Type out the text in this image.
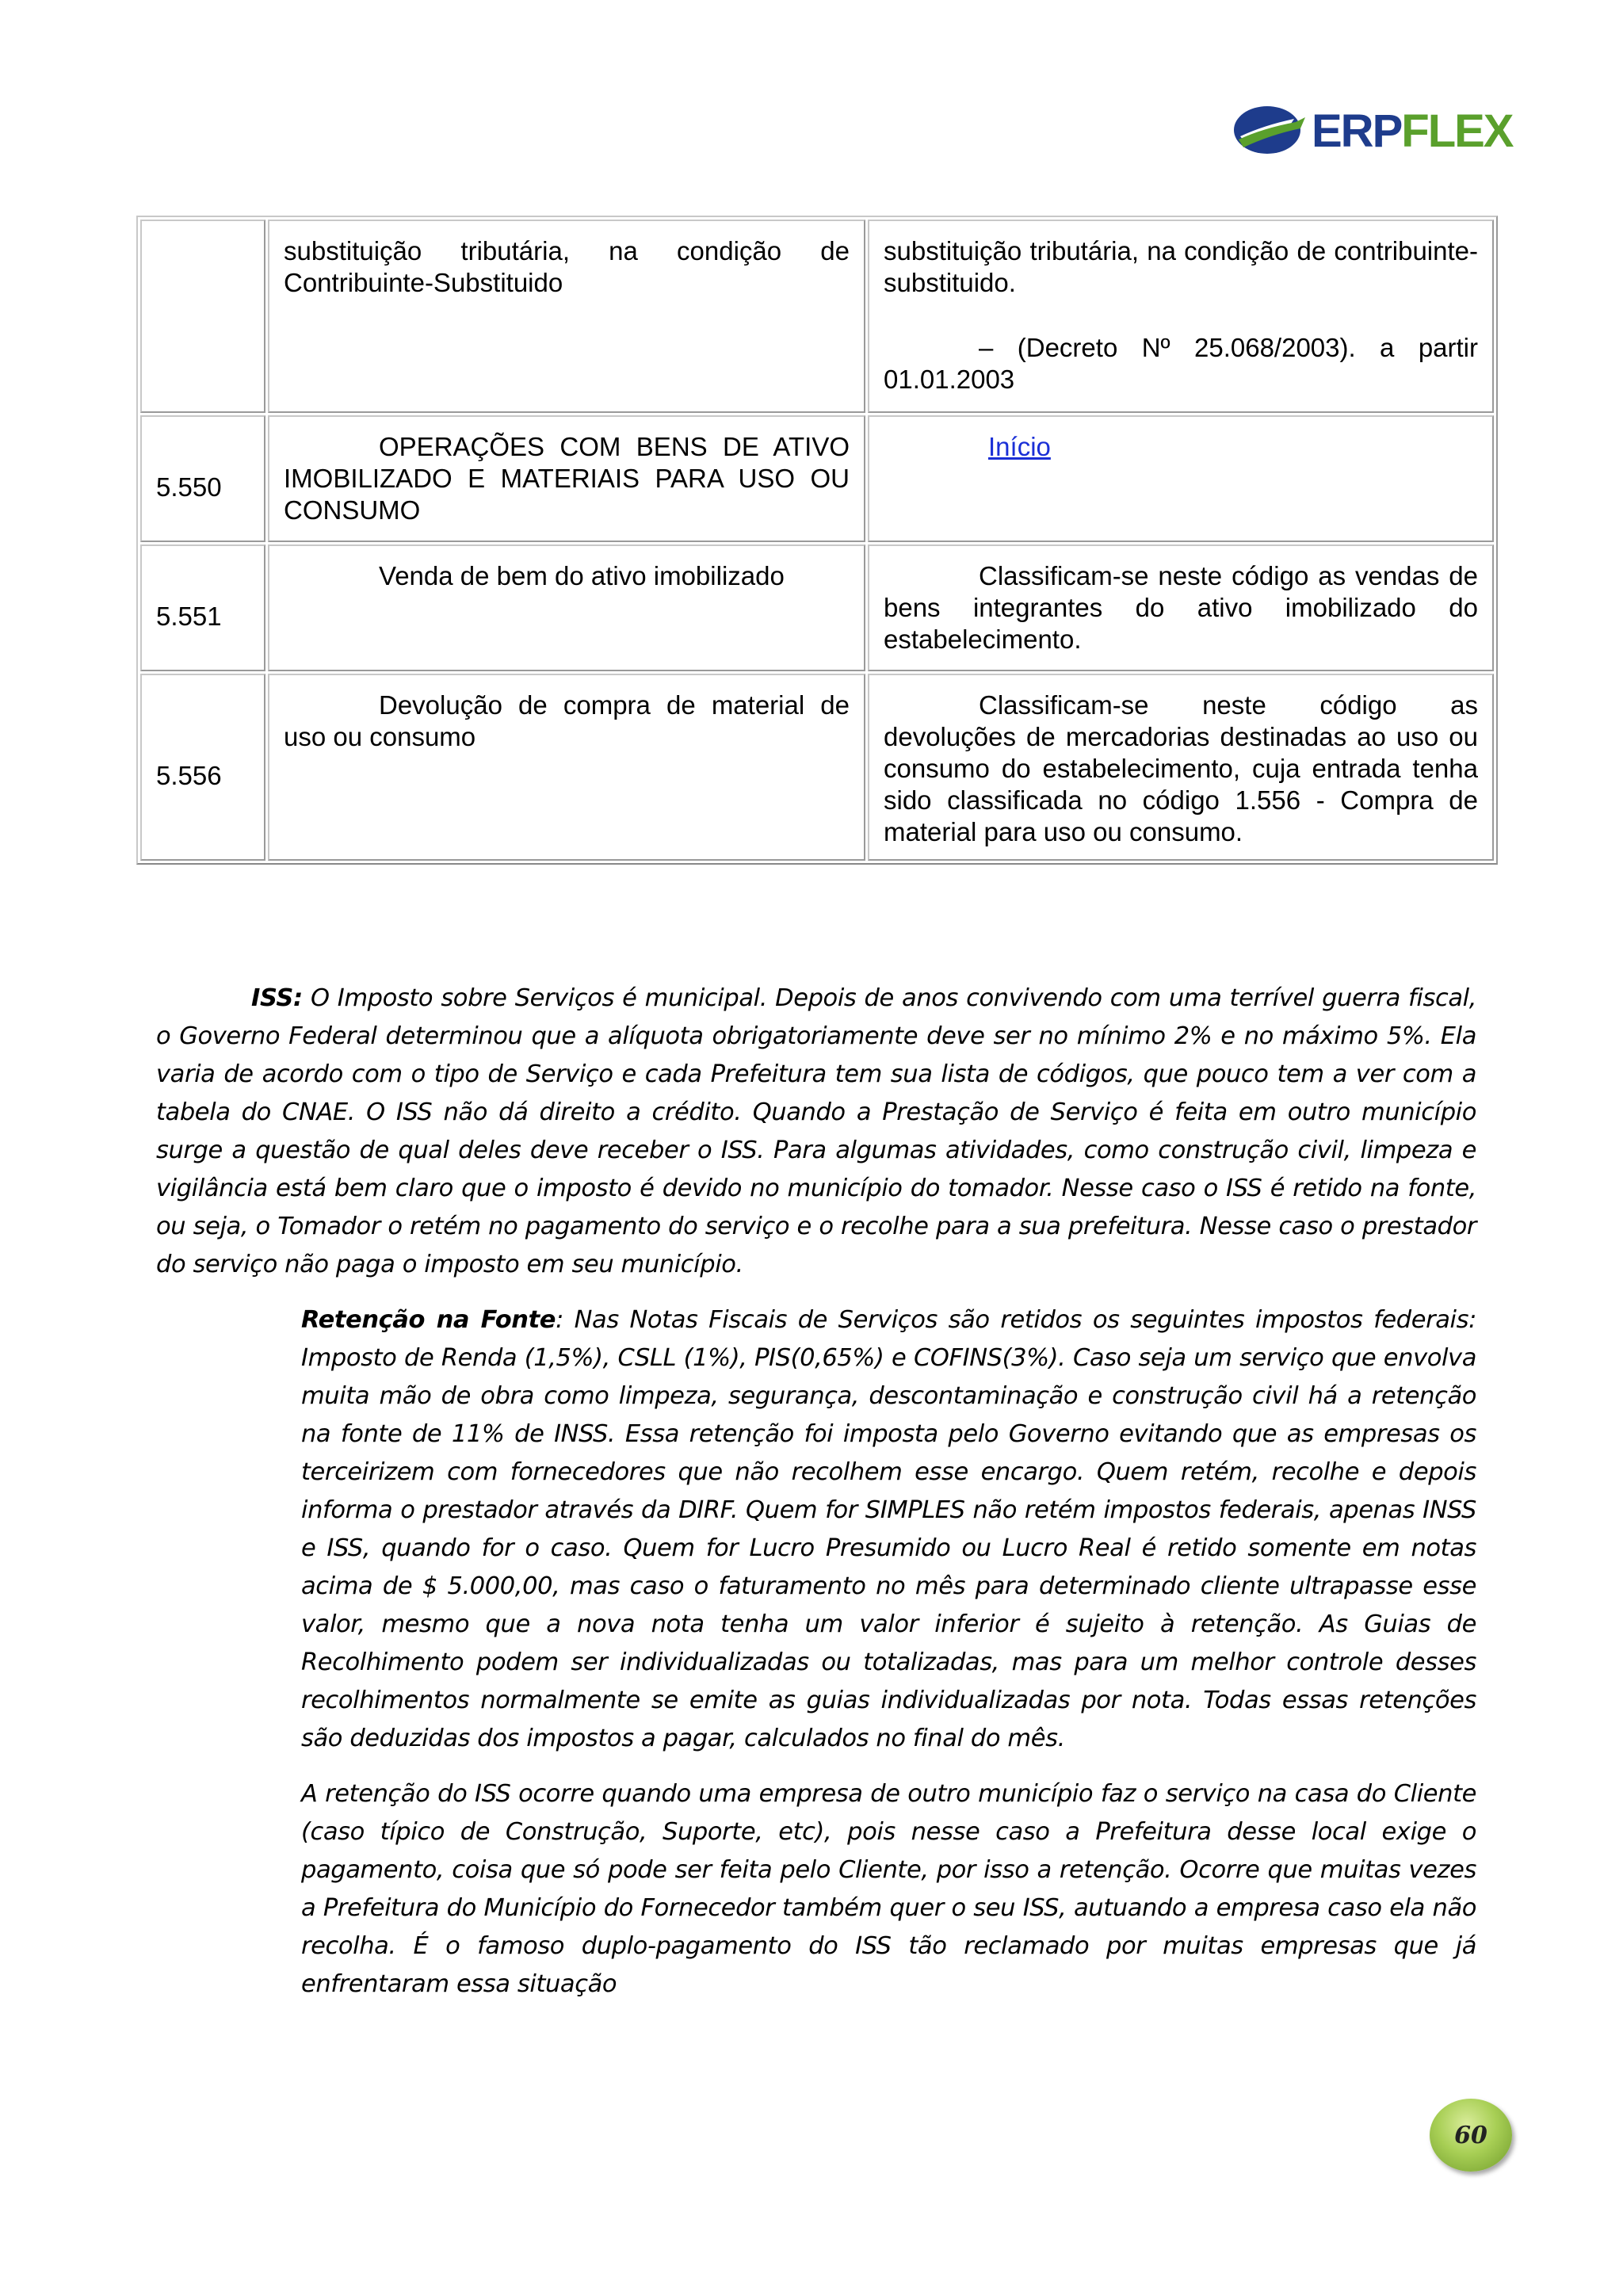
ERPFLEX

	substituição tributária, na condição de Contribuinte-Substituido	substituição tributária, na condição de contribuinte-substituido.
– (Decreto Nº 25.068/2003). a partir 01.01.2003

5.550	OPERAÇÕES COM BENS DE ATIVO IMOBILIZADO E MATERIAIS PARA USO OU CONSUMO	Início

5.551	Venda de bem do ativo imobilizado	Classificam-se neste código as vendas de bens integrantes do ativo imobilizado do estabelecimento.

5.556	Devolução de compra de material de uso ou consumo	Classificam-se neste código as devoluções de mercadorias destinadas ao uso ou consumo do estabelecimento, cuja entrada tenha sido classificada no código 1.556 - Compra de material para uso ou consumo.

ISS: O Imposto sobre Serviços é municipal. Depois de anos convivendo com uma terrível guerra fiscal, o Governo Federal determinou que a alíquota obrigatoriamente deve ser no mínimo 2% e no máximo 5%. Ela varia de acordo com o tipo de Serviço e cada Prefeitura tem sua lista de códigos, que pouco tem a ver com a tabela do CNAE. O ISS não dá direito a crédito. Quando a Prestação de Serviço é feita em outro município surge a questão de qual deles deve receber o ISS. Para algumas atividades, como construção civil, limpeza e vigilância está bem claro que o imposto é devido no município do tomador. Nesse caso o ISS é retido na fonte, ou seja, o Tomador o retém no pagamento do serviço e o recolhe para a sua prefeitura. Nesse caso o prestador do serviço não paga o imposto em seu município.

Retenção na Fonte: Nas Notas Fiscais de Serviços são retidos os seguintes impostos federais: Imposto de Renda (1,5%), CSLL (1%), PIS(0,65%) e COFINS(3%). Caso seja um serviço que envolva muita mão de obra como limpeza, segurança, descontaminação e construção civil há a retenção na fonte de 11% de INSS. Essa retenção foi imposta pelo Governo evitando que as empresas os terceirizem com fornecedores que não recolhem esse encargo. Quem retém, recolhe e depois informa o prestador através da DIRF. Quem for SIMPLES não retém impostos federais, apenas INSS e ISS, quando for o caso. Quem for Lucro Presumido ou Lucro Real é retido somente em notas acima de $ 5.000,00, mas caso o faturamento no mês para determinado cliente ultrapasse esse valor, mesmo que a nova nota tenha um valor inferior é sujeito à retenção. As Guias de Recolhimento podem ser individualizadas ou totalizadas, mas para um melhor controle desses recolhimentos normalmente se emite as guias individualizadas por nota. Todas essas retenções são deduzidas dos impostos a pagar, calculados no final do mês.

A retenção do ISS ocorre quando uma empresa de outro município faz o serviço na casa do Cliente (caso típico de Construção, Suporte, etc), pois nesse caso a Prefeitura desse local exige o pagamento, coisa que só pode ser feita pelo Cliente, por isso a retenção. Ocorre que muitas vezes a Prefeitura do Município do Fornecedor também quer o seu ISS, autuando a empresa caso ela não recolha. É o famoso duplo-pagamento do ISS tão reclamado por muitas empresas que já enfrentaram essa situação

60
